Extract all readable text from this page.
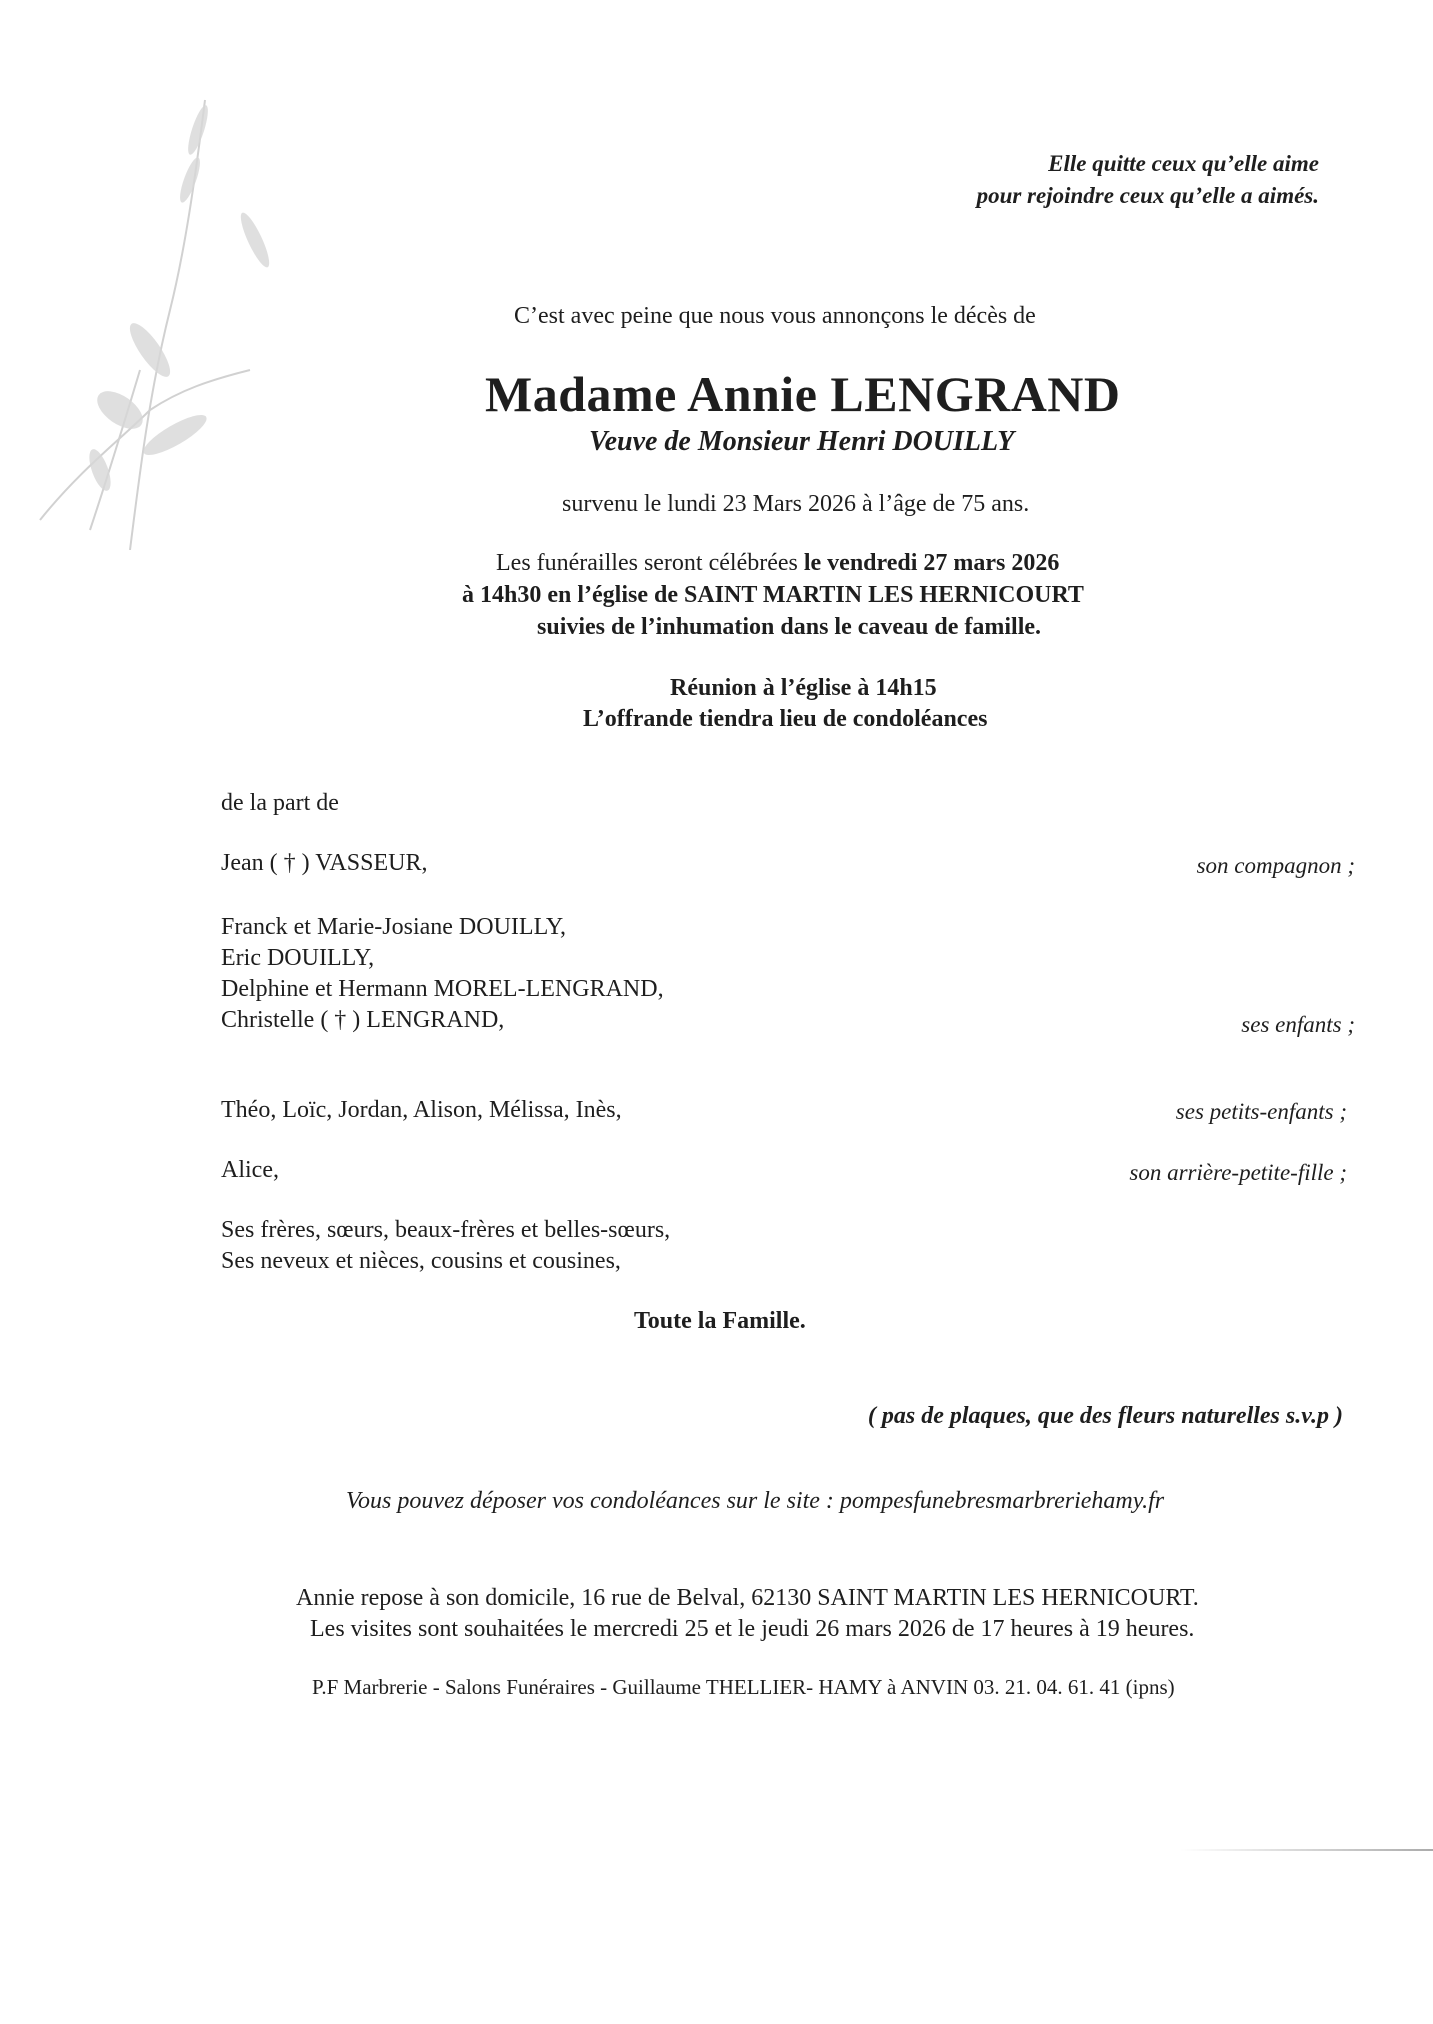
Elle quitte ceux qu’elle aime
pour rejoindre ceux qu’elle a aimés.
C’est avec peine que nous vous annonçons le décès de
Madame Annie LENGRAND
Veuve de Monsieur Henri DOUILLY
survenu le lundi 23 Mars 2026 à l’âge de 75 ans.
Les funérailles seront célébrées le vendredi 27 mars 2026
à 14h30 en l’église de SAINT MARTIN LES HERNICOURT
suivies de l’inhumation dans le caveau de famille.
Réunion à l’église à 14h15
L’offrande tiendra lieu de condoléances
de la part de
Jean ( † ) VASSEUR,	son compagnon ;
Franck et Marie-Josiane DOUILLY,
Eric DOUILLY,
Delphine et Hermann MOREL-LENGRAND,
Christelle ( † ) LENGRAND,	ses enfants ;
Théo, Loïc, Jordan, Alison, Mélissa, Inès,	ses petits-enfants ;
Alice,	son arrière-petite-fille ;
Ses frères, sœurs, beaux-frères et belles-sœurs,
Ses neveux et nièces, cousins et cousines,
Toute la Famille.
( pas de plaques, que des fleurs naturelles s.v.p )
Vous pouvez déposer vos condoléances sur le site : pompesfunebresmarbreriehamy.fr
Annie repose à son domicile, 16 rue de Belval, 62130 SAINT MARTIN LES HERNICOURT.
Les visites sont souhaitées le mercredi 25 et le jeudi 26 mars 2026 de 17 heures à 19 heures.
P.F Marbrerie - Salons Funéraires - Guillaume THELLIER- HAMY à ANVIN 03. 21. 04. 61. 41 (ipns)
